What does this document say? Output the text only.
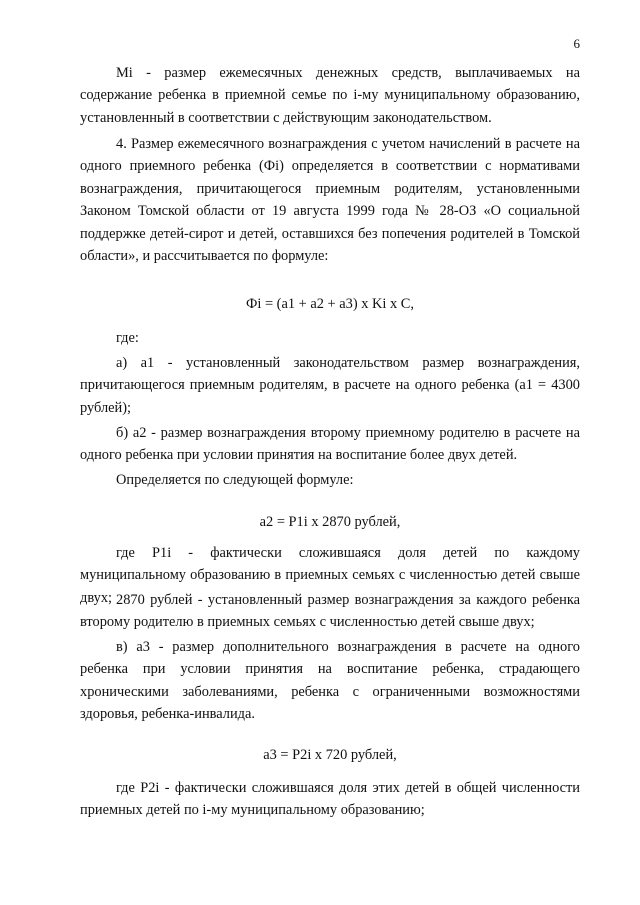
6

Mi - размер ежемесячных денежных средств, выплачиваемых на содержание ребенка в приемной семье по i-му муниципальному образованию, установленный в соответствии с действующим законодательством.

4. Размер ежемесячного вознаграждения с учетом начислений в расчете на одного приемного ребенка (Фi) определяется в соответствии с нормативами вознаграждения, причитающегося приемным родителям, установленными Законом Томской области от 19 августа 1999 года № 28-ОЗ «О социальной поддержке детей-сирот и детей, оставшихся без попечения родителей в Томской области», и рассчитывается по формуле:

Фi = (а1 + а2 + а3) х Ki х С,

где:

а) а1 - установленный законодательством размер вознаграждения, причитающегося приемным родителям, в расчете на одного ребенка (а1 = 4300 рублей);

б) а2 - размер вознаграждения второму приемному родителю в расчете на одного ребенка при условии принятия на воспитание более двух детей.

Определяется по следующей формуле:

а2 = P1i х 2870 рублей,

где P1i - фактически сложившаяся доля детей по каждому муниципальному образованию в приемных семьях с численностью детей свыше двух; 2870 рублей - установленный размер вознаграждения за каждого ребенка второму родителю в приемных семьях с численностью детей свыше двух;

в) а3 - размер дополнительного вознаграждения в расчете на одного ребенка при условии принятия на воспитание ребенка, страдающего хроническими заболеваниями, ребенка с ограниченными возможностями здоровья, ребенка-инвалида.

а3 = P2i х 720 рублей,

где P2i - фактически сложившаяся доля этих детей в общей численности приемных детей по i-му муниципальному образованию;
